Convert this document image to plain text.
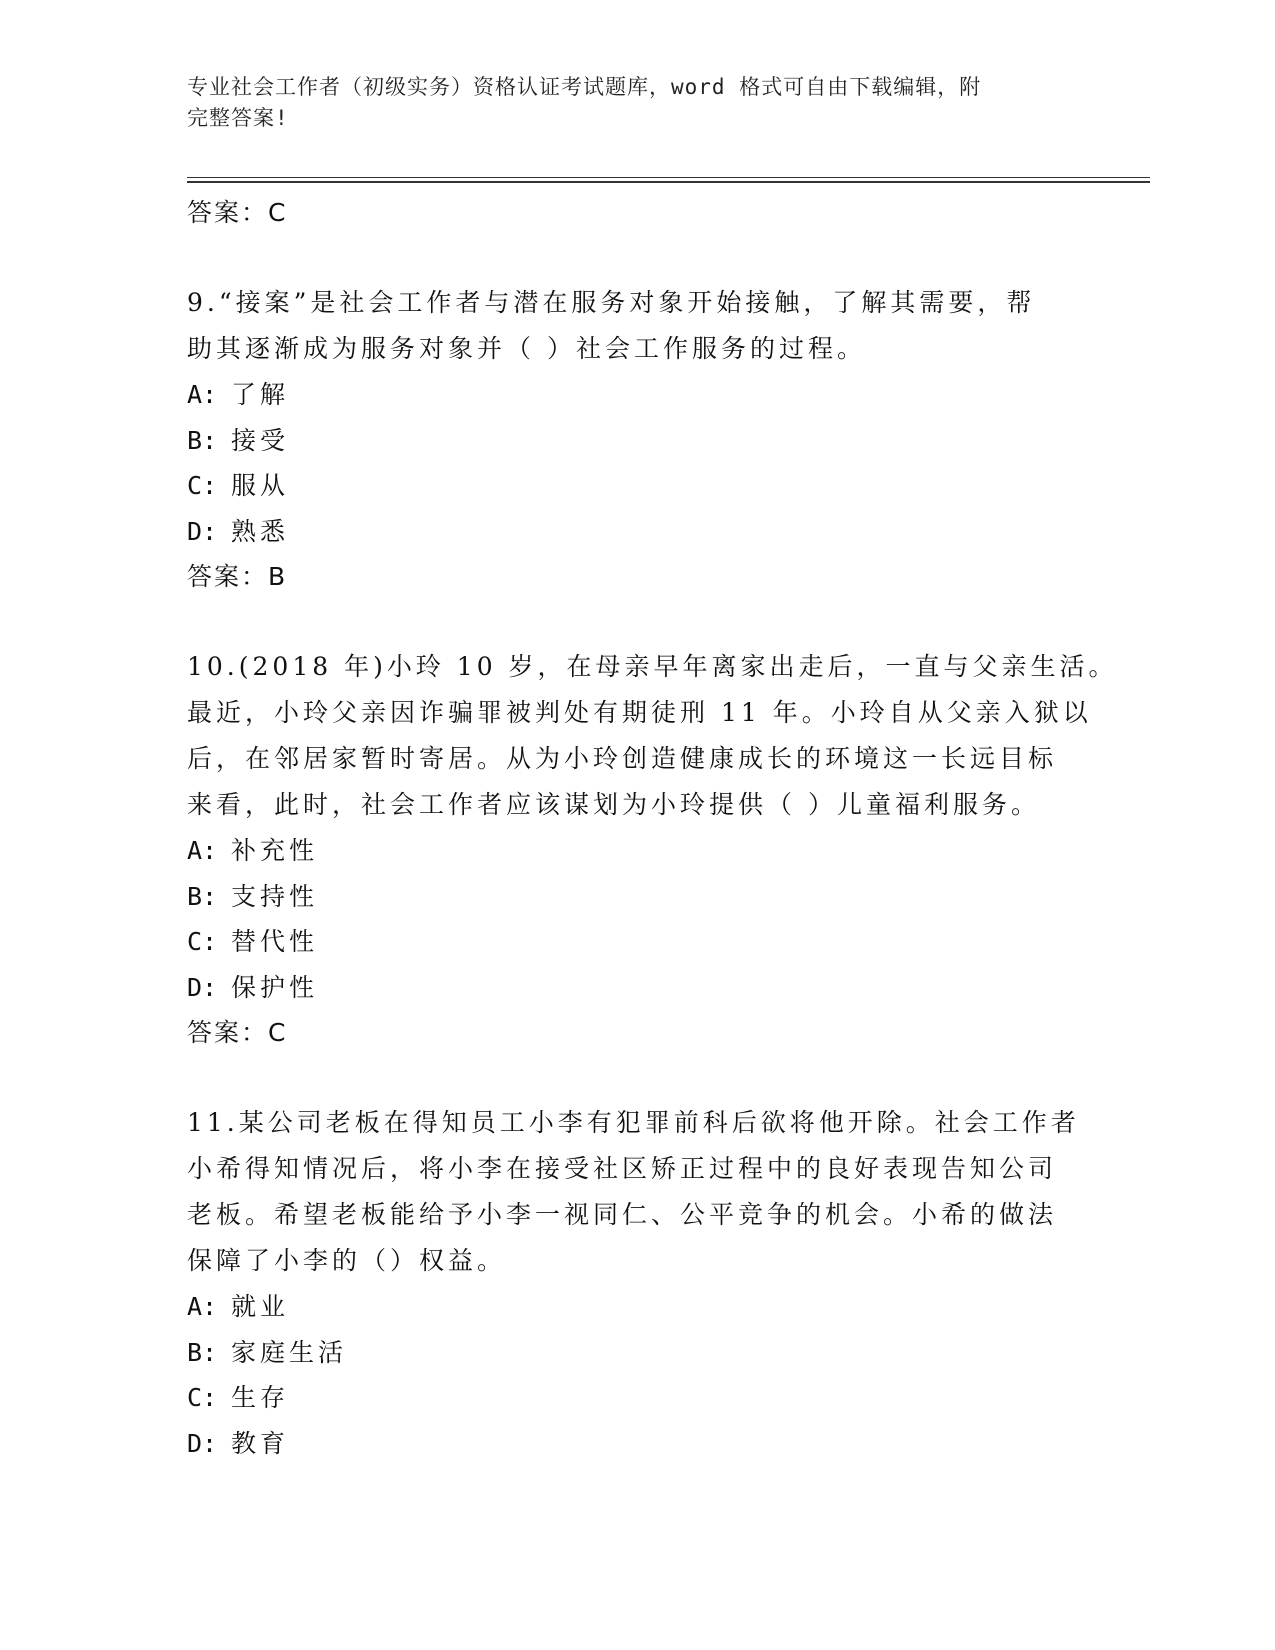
专业社会工作者（初级实务）资格认证考试题库，word 格式可自由下载编辑，附
完整答案!
答案：C
9.“接案”是社会工作者与潜在服务对象开始接触，了解其需要，帮
助其逐渐成为服务对象并（ ）社会工作服务的过程。
A: 了解
B: 接受
C: 服从
D: 熟悉
答案：B
10.(2018 年)小玲 10 岁，在母亲早年离家出走后，一直与父亲生活。
最近，小玲父亲因诈骗罪被判处有期徒刑 11 年。小玲自从父亲入狱以
后，在邻居家暂时寄居。从为小玲创造健康成长的环境这一长远目标
来看，此时，社会工作者应该谋划为小玲提供（ ）儿童福利服务。
A: 补充性
B: 支持性
C: 替代性
D: 保护性
答案：C
11.某公司老板在得知员工小李有犯罪前科后欲将他开除。社会工作者
小希得知情况后，将小李在接受社区矫正过程中的良好表现告知公司
老板。希望老板能给予小李一视同仁、公平竞争的机会。小希的做法
保障了小李的（）权益。
A: 就业
B: 家庭生活
C: 生存
D: 教育
